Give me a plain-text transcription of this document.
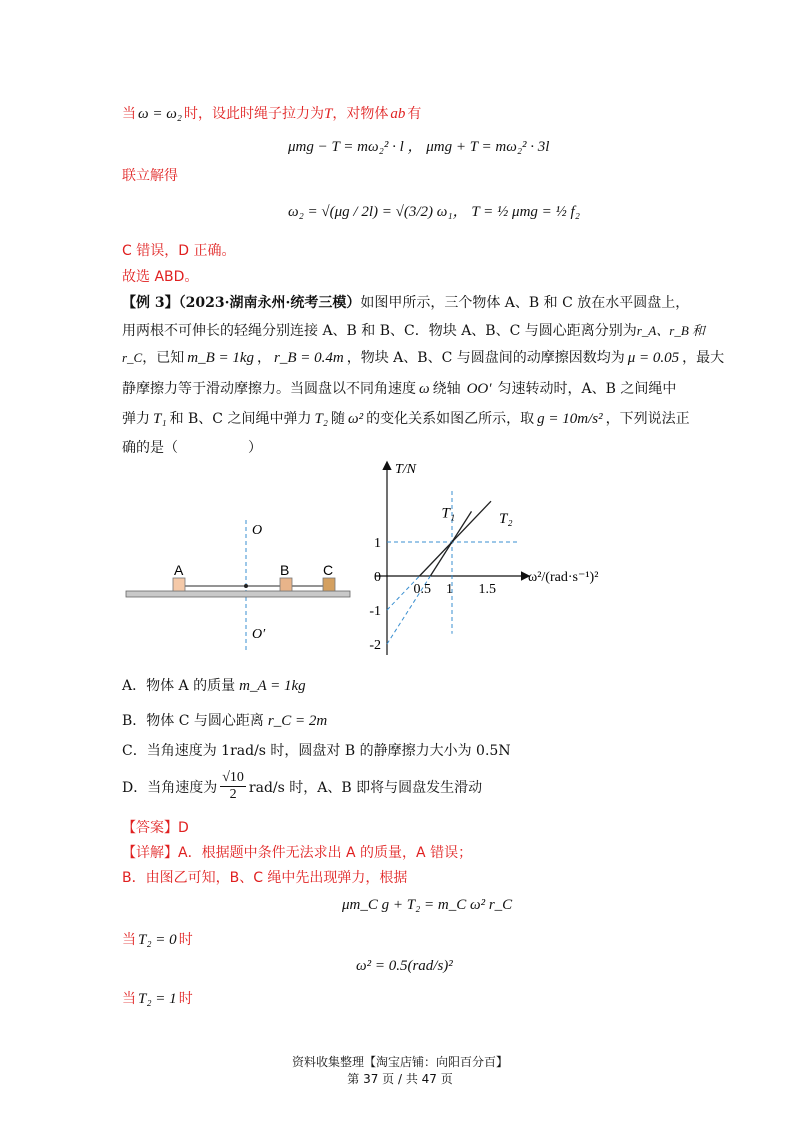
当 ω = ω₂ 时，设此时绳子拉力为T，对物体 ab 有
μmg − T = mω₂² · l ， μmg + T = mω₂² · 3l
联立解得
ω₂ = √(μg / 2l) = √(3/2) ω₁， T = ½ μmg = ½ f₂
C 错误，D 正确。
故选 ABD。
【例 3】（2023·湖南永州·统考三模）如图甲所示，三个物体 A、B 和 C 放在水平圆盘上，
用两根不可伸长的轻绳分别连接 A、B 和 B、C．物块 A、B、C 与圆心距离分别为r_A、r_B 和
r_C，已知 m_B = 1kg ， r_B = 0.4m ，物块 A、B、C 与圆盘间的动摩擦因数均为 μ = 0.05 ，最大
静摩擦力等于滑动摩擦力。当圆盘以不同角速度 ω 绕轴 OO′ 匀速转动时，A、B 之间绳中
弹力 T₁ 和 B、C 之间绳中弹力 T₂ 随 ω² 的变化关系如图乙所示，取 g = 10m/s² ，下列说法正
确的是（	）
O
O′
A	B C
T₁	T₂
0.5 1 1.5
1
-1
-2
T/N
ω²/(rad·s⁻¹)²
0
A．物体 A 的质量 m_A = 1kg
B．物体 C 与圆心距离 r_C = 2m
C．当角速度为 1rad/s 时，圆盘对 B 的静摩擦力大小为 0.5N
D．当角速度为 $\frac{√10}{2} rad/s$ 时，A、B 即将与圆盘发生滑动
【答案】D
【详解】A．根据题中条件无法求出 A 的质量，A 错误；
B．由图乙可知，B、C 绳中先出现弹力，根据
μm_C g + T₂ = m_C ω² r_C
当 T₂ = 0 时
ω² = 0.5(rad/s)²
当 T₂ = 1 时
资料收集整理【淘宝店铺：向阳百分百】
第 37 页 / 共 47 页
